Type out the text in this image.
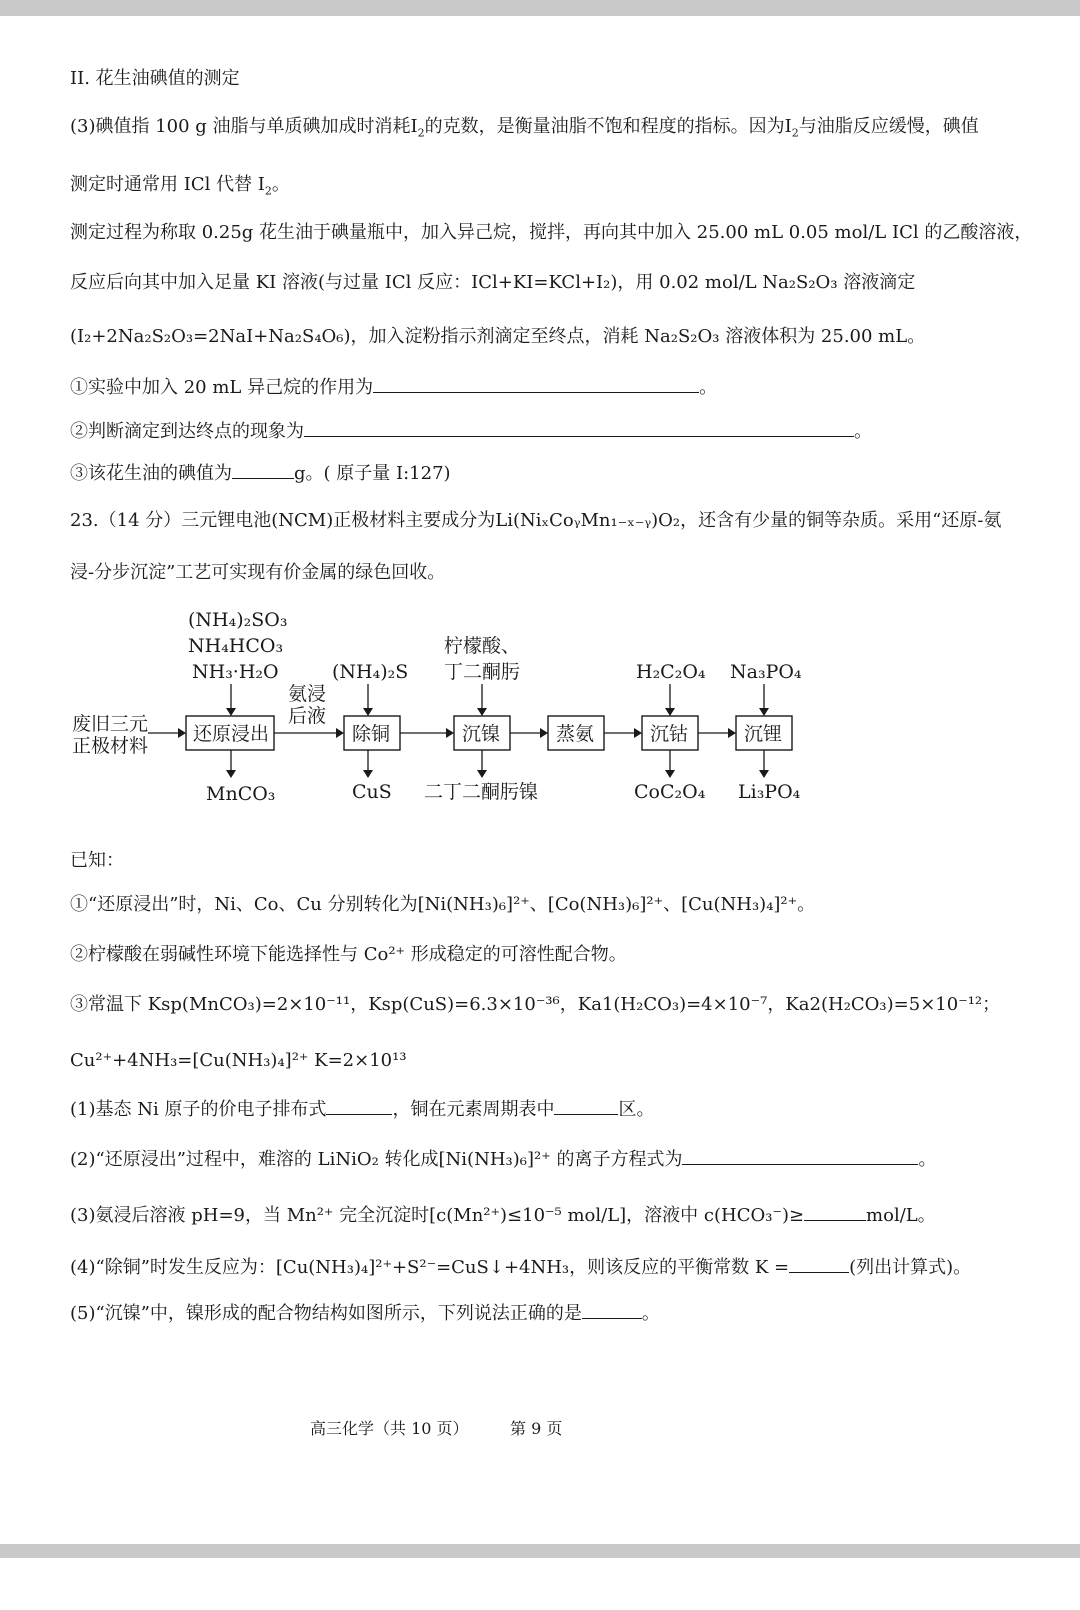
II. 花生油碘值的测定
(3)碘值指 100 g 油脂与单质碘加成时消耗$I_2$的克数，是衡量油脂不饱和程度的指标。因为$I_2$与油脂反应缓慢，碘值
测定时通常用 ICl 代替 $I_2$。
测定过程为称取 0.25g 花生油于碘量瓶中，加入异己烷，搅拌，再向其中加入 25.00 mL 0.05 mol/L ICl 的乙酸溶液，
反应后向其中加入足量 KI 溶液(与过量 ICl 反应：ICl+KI=KCl+I₂)，用 0.02 mol/L Na₂S₂O₃ 溶液滴定
(I₂+2Na₂S₂O₃=2NaI+Na₂S₄O₆)，加入淀粉指示剂滴定至终点，消耗 Na₂S₂O₃ 溶液体积为 25.00 mL。
①实验中加入 20 mL 异己烷的作用为	。
②判断滴定到达终点的现象为	。
③该花生油的碘值为	g。( 原子量 I:127)
23.（14 分）三元锂电池(NCM)正极材料主要成分为Li(NiₓCoᵧMn₁₋ₓ₋ᵧ)O₂，还含有少量的铜等杂质。采用“还原-氨
浸-分步沉淀”工艺可实现有价金属的绿色回收。
废旧三元
正极材料
(NH₄)₂SO₃
NH₄HCO₃
NH₃·H₂O
还原浸出
MnCO₃
氨浸
后液
(NH₄)₂S
除铜
CuS
柠檬酸、
丁二酮肟
沉镍
二丁二酮肟镍
蒸氨
H₂C₂O₄
沉钴
CoC₂O₄
Na₃PO₄
沉锂
Li₃PO₄
已知：
①“还原浸出”时，Ni、Co、Cu 分别转化为[Ni(NH₃)₆]²⁺、[Co(NH₃)₆]²⁺、[Cu(NH₃)₄]²⁺。
②柠檬酸在弱碱性环境下能选择性与 Co²⁺ 形成稳定的可溶性配合物。
③常温下 Ksp(MnCO₃)=2×10⁻¹¹，Ksp(CuS)=6.3×10⁻³⁶，Ka1(H₂CO₃)=4×10⁻⁷，Ka2(H₂CO₃)=5×10⁻¹²；
Cu²⁺+4NH₃=[Cu(NH₃)₄]²⁺ K=2×10¹³
(1)基态 Ni 原子的价电子排布式	，铜在元素周期表中	区。
(2)“还原浸出”过程中，难溶的 LiNiO₂ 转化成[Ni(NH₃)₆]²⁺ 的离子方程式为	。
(3)氨浸后溶液 pH=9，当 Mn²⁺ 完全沉淀时[c(Mn²⁺)≤10⁻⁵ mol/L]，溶液中 c(HCO₃⁻)≥	mol/L。
(4)“除铜”时发生反应为：[Cu(NH₃)₄]²⁺+S²⁻=CuS↓+4NH₃，则该反应的平衡常数 K =	(列出计算式)。
(5)“沉镍”中，镍形成的配合物结构如图所示，下列说法正确的是	。
高三化学（共 10 页）	第 9 页
